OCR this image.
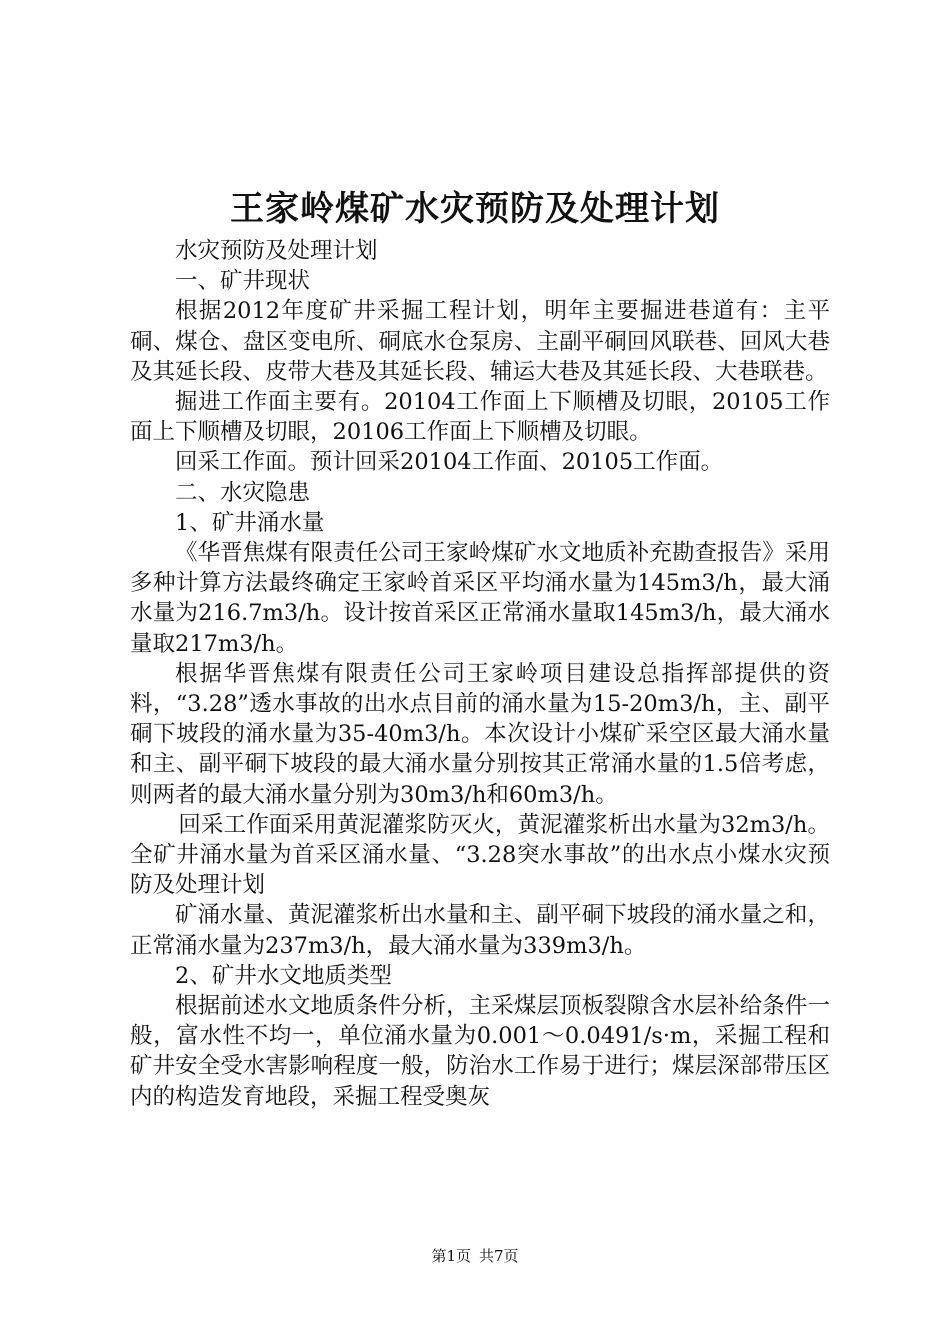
王家岭煤矿水灾预防及处理计划

水灾预防及处理计划

一、矿井现状

根据2012年度矿井采掘工程计划，明年主要掘进巷道有：主平硐、煤仓、盘区变电所、硐底水仓泵房、主副平硐回风联巷、回风大巷及其延长段、皮带大巷及其延长段、辅运大巷及其延长段、大巷联巷。

掘进工作面主要有。20104工作面上下顺槽及切眼，20105工作面上下顺槽及切眼，20106工作面上下顺槽及切眼。

回采工作面。预计回采20104工作面、20105工作面。

二、水灾隐患

1、矿井涌水量

《华晋焦煤有限责任公司王家岭煤矿水文地质补充勘查报告》采用多种计算方法最终确定王家岭首采区平均涌水量为145m3/h，最大涌水量为216.7m3/h。设计按首采区正常涌水量取145m3/h，最大涌水量取217m3/h。

根据华晋焦煤有限责任公司王家岭项目建设总指挥部提供的资料，“3.28”透水事故的出水点目前的涌水量为15-20m3/h，主、副平硐下坡段的涌水量为35-40m3/h。本次设计小煤矿采空区最大涌水量和主、副平硐下坡段的最大涌水量分别按其正常涌水量的1.5倍考虑，则两者的最大涌水量分别为30m3/h和60m3/h。

回采工作面采用黄泥灌浆防灭火，黄泥灌浆析出水量为32m3/h。全矿井涌水量为首采区涌水量、“3.28突水事故”的出水点小煤水灾预防及处理计划

矿涌水量、黄泥灌浆析出水量和主、副平硐下坡段的涌水量之和，正常涌水量为237m3/h，最大涌水量为339m3/h。

2、矿井水文地质类型

根据前述水文地质条件分析，主采煤层顶板裂隙含水层补给条件一般，富水性不均一，单位涌水量为0.001～0.0491/s·m，采掘工程和矿井安全受水害影响程度一般，防治水工作易于进行；煤层深部带压区内的构造发育地段，采掘工程受奥灰

第1页 共7页
